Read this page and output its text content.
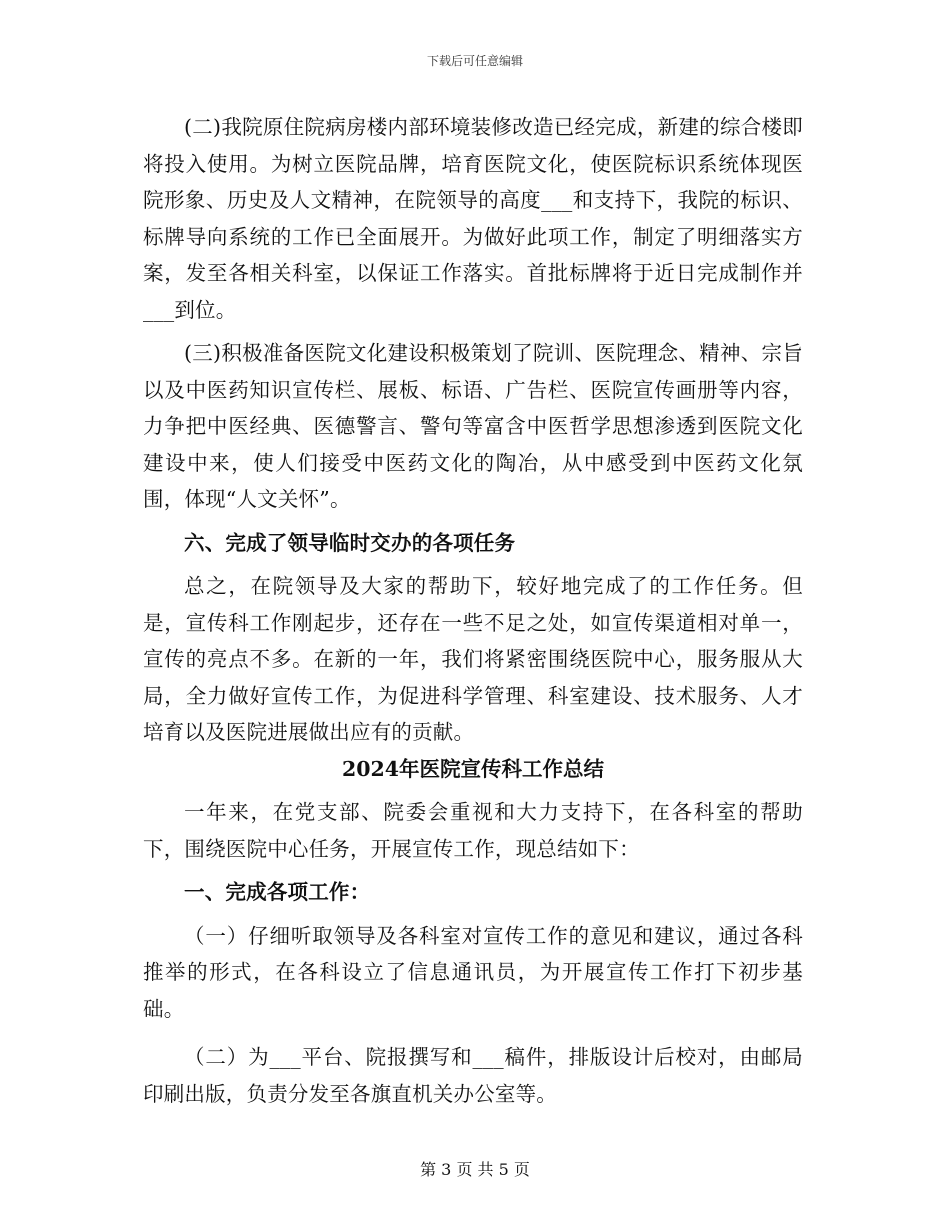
下载后可任意编辑

(二)我院原住院病房楼内部环境装修改造已经完成，新建的综合楼即将投入使用。为树立医院品牌，培育医院文化，使医院标识系统体现医院形象、历史及人文精神，在院领导的高度___和支持下，我院的标识、标牌导向系统的工作已全面展开。为做好此项工作，制定了明细落实方案，发至各相关科室，以保证工作落实。首批标牌将于近日完成制作并___到位。

(三)积极准备医院文化建设积极策划了院训、医院理念、精神、宗旨以及中医药知识宣传栏、展板、标语、广告栏、医院宣传画册等内容，力争把中医经典、医德警言、警句等富含中医哲学思想渗透到医院文化建设中来，使人们接受中医药文化的陶冶，从中感受到中医药文化氛围，体现“人文关怀”。

六、完成了领导临时交办的各项任务

总之，在院领导及大家的帮助下，较好地完成了的工作任务。但是，宣传科工作刚起步，还存在一些不足之处，如宣传渠道相对单一，宣传的亮点不多。在新的一年，我们将紧密围绕医院中心，服务服从大局，全力做好宣传工作，为促进科学管理、科室建设、技术服务、人才培育以及医院进展做出应有的贡献。

2024年医院宣传科工作总结

一年来，在党支部、院委会重视和大力支持下，在各科室的帮助下，围绕医院中心任务，开展宣传工作，现总结如下：

一、完成各项工作：

（一）仔细听取领导及各科室对宣传工作的意见和建议，通过各科推举的形式，在各科设立了信息通讯员，为开展宣传工作打下初步基础。

（二）为___平台、院报撰写和___稿件，排版设计后校对，由邮局印刷出版，负责分发至各旗直机关办公室等。

第 3 页 共 5 页
